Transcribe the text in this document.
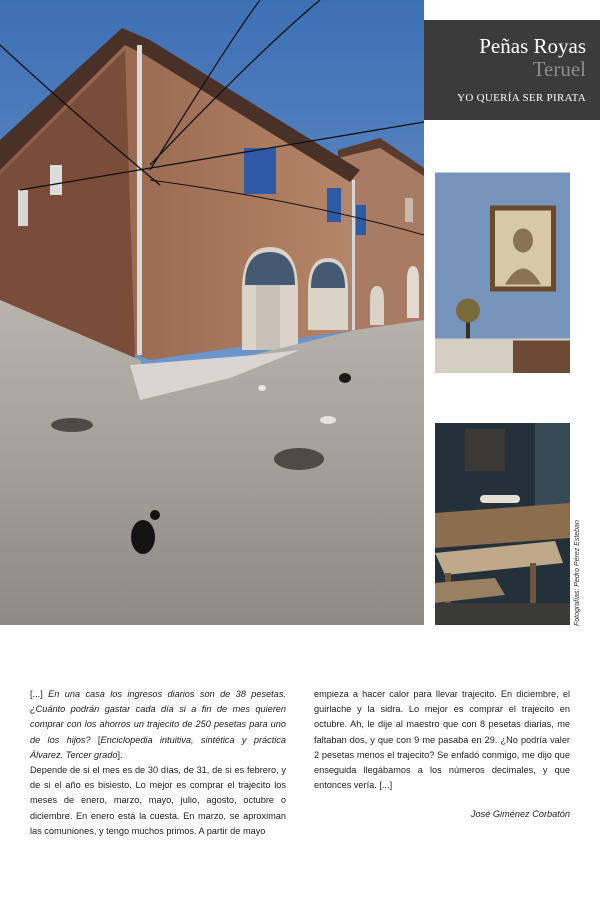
Peñas Royas
Teruel
YO QUERÍA SER PIRATA
Fotografías: Pedro Pérez Esteban

[...] En una casa los ingresos diarios son de 38 pesetas. ¿Cuánto podrán gastar cada día si a fin de mes quieren comprar con los ahorros un trajecito de 250 pesetas para uno de los hijos? [Enciclopedia intuitiva, sintética y práctica Álvarez. Tercer grado].

Depende de si el mes es de 30 días, de 31, de si es febrero, y de si el año es bisiesto. Lo mejor es comprar el trajecito los meses de enero, marzo, mayo, julio, agosto, octubre o diciembre. En enero está la cuesta. En marzo, se aproximan las comuniones, y tengo muchos primos. A partir de mayo

empieza a hacer calor para llevar trajecito. En diciembre, el guirlache y la sidra. Lo mejor es comprar el trajecito en octubre. Ah, le dije al maestro que con 8 pesetas diarias, me faltaban dos, y que con 9 me pasaba en 29. ¿No podría valer 2 pesetas menos el trajecito? Se enfadó conmigo, me dijo que enseguida llegábamos a los números decimales, y que entonces vería. [...]

José Giménez Corbatón
